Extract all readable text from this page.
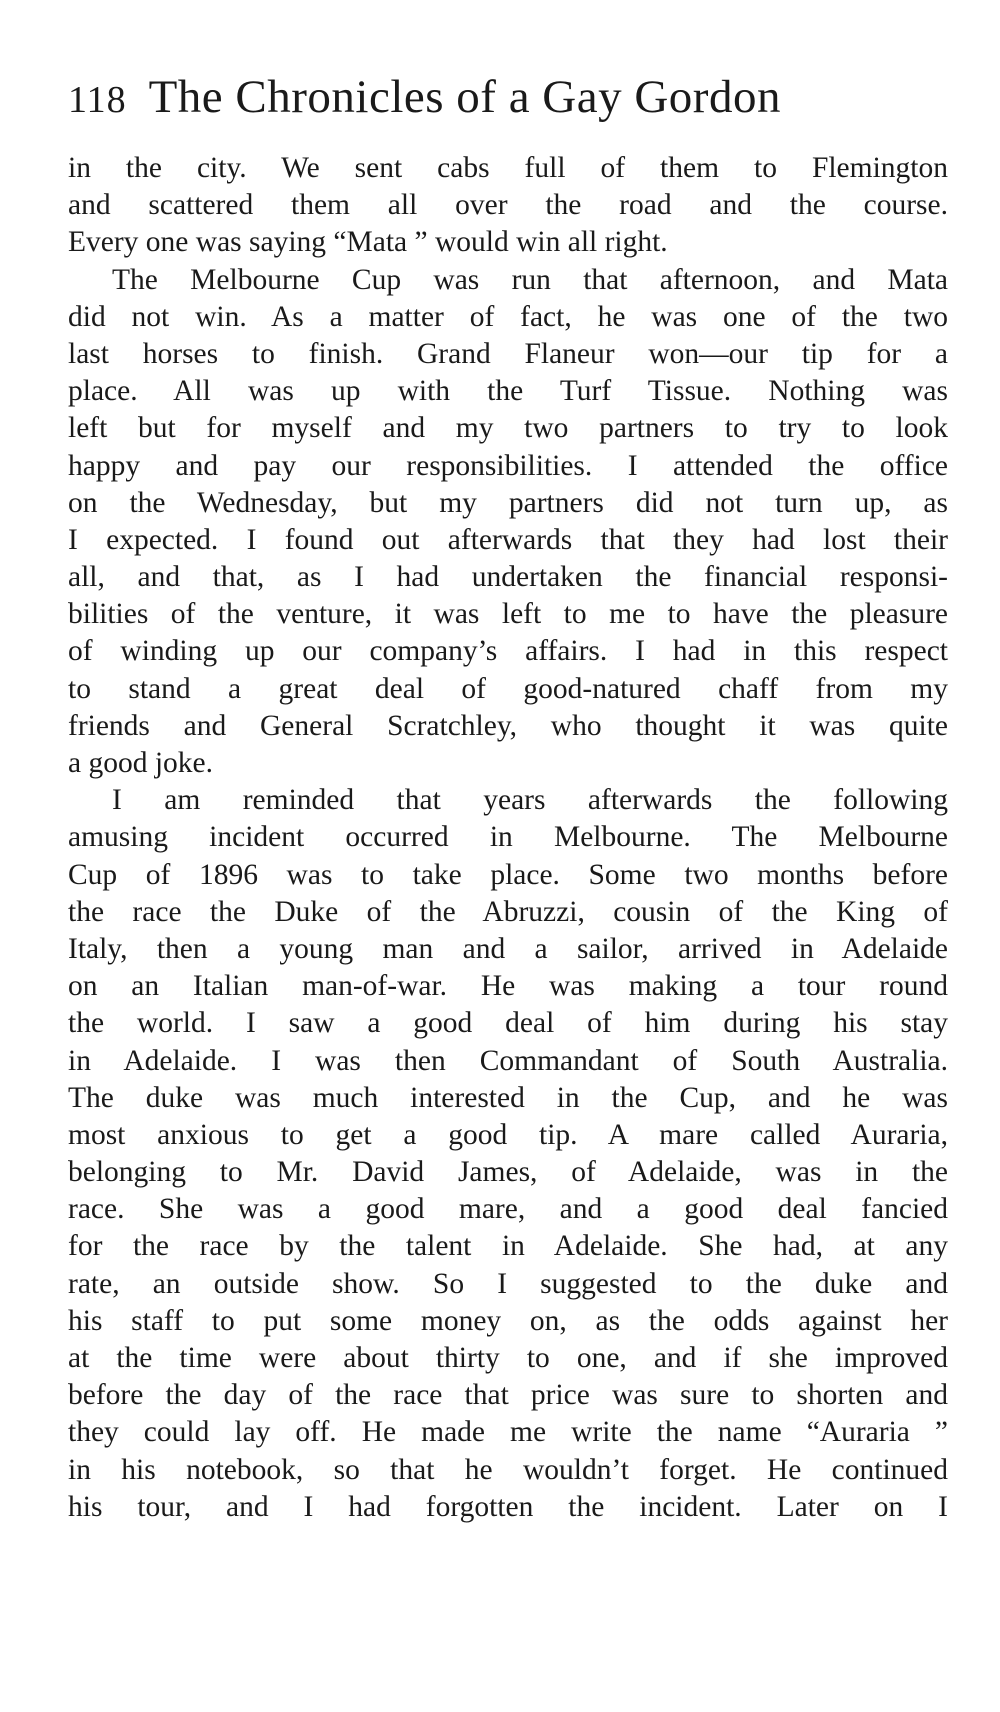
118 The Chronicles of a Gay Gordon
in the city. We sent cabs full of them to Flemington
and scattered them all over the road and the course.
Every one was saying “Mata ” would win all right.
The Melbourne Cup was run that afternoon, and Mata
did not win. As a matter of fact, he was one of the two
last horses to finish. Grand Flaneur won—our tip for a
place. All was up with the Turf Tissue. Nothing was
left but for myself and my two partners to try to look
happy and pay our responsibilities. I attended the office
on the Wednesday, but my partners did not turn up, as
I expected. I found out afterwards that they had lost their
all, and that, as I had undertaken the financial responsi-
bilities of the venture, it was left to me to have the pleasure
of winding up our company’s affairs. I had in this respect
to stand a great deal of good-natured chaff from my
friends and General Scratchley, who thought it was quite
a good joke.
I am reminded that years afterwards the following
amusing incident occurred in Melbourne. The Melbourne
Cup of 1896 was to take place. Some two months before
the race the Duke of the Abruzzi, cousin of the King of
Italy, then a young man and a sailor, arrived in Adelaide
on an Italian man-of-war. He was making a tour round
the world. I saw a good deal of him during his stay
in Adelaide. I was then Commandant of South Australia.
The duke was much interested in the Cup, and he was
most anxious to get a good tip. A mare called Auraria,
belonging to Mr. David James, of Adelaide, was in the
race. She was a good mare, and a good deal fancied
for the race by the talent in Adelaide. She had, at any
rate, an outside show. So I suggested to the duke and
his staff to put some money on, as the odds against her
at the time were about thirty to one, and if she improved
before the day of the race that price was sure to shorten and
they could lay off. He made me write the name “Auraria ”
in his notebook, so that he wouldn’t forget. He continued
his tour, and I had forgotten the incident. Later on I
